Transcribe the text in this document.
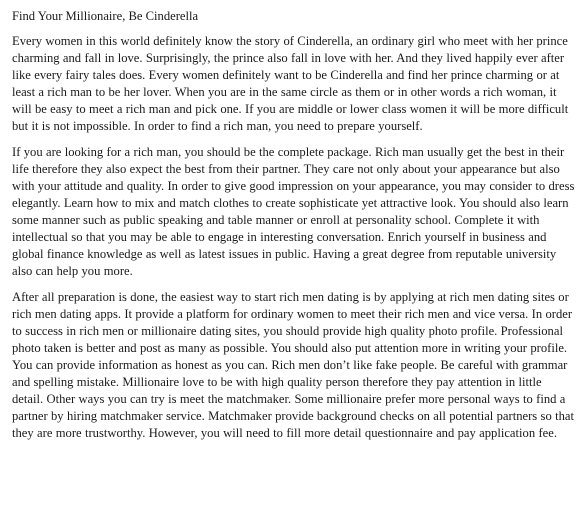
Find Your Millionaire, Be Cinderella

Every women in this world definitely know the story of Cinderella, an ordinary girl who meet with her prince charming and fall in love. Surprisingly, the prince also fall in love with her. And they lived happily ever after like every fairy tales does. Every women definitely want to be Cinderella and find her prince charming or at least a rich man to be her lover. When you are in the same circle as them or in other words a rich woman, it will be easy to meet a rich man and pick one. If you are middle or lower class women it will be more difficult but it is not impossible. In order to find a rich man, you need to prepare yourself.

If you are looking for a rich man, you should be the complete package. Rich man usually get the best in their life therefore they also expect the best from their partner. They care not only about your appearance but also with your attitude and quality. In order to give good impression on your appearance, you may consider to dress elegantly. Learn how to mix and match clothes to create sophisticate yet attractive look. You should also learn some manner such as public speaking and table manner or enroll at personality school. Complete it with intellectual so that you may be able to engage in interesting conversation. Enrich yourself in business and global finance knowledge as well as latest issues in public. Having a great degree from reputable university also can help you more.

After all preparation is done, the easiest way to start rich men dating is by applying at rich men dating sites or rich men dating apps. It provide a platform for ordinary women to meet their rich men and vice versa. In order to success in rich men or millionaire dating sites, you should provide high quality photo profile. Professional photo taken is better and post as many as possible. You should also put attention more in writing your profile. You can provide information as honest as you can. Rich men don’t like fake people. Be careful with grammar and spelling mistake. Millionaire love to be with high quality person therefore they pay attention in little detail. Other ways you can try is meet the matchmaker. Some millionaire prefer more personal ways to find a partner by hiring matchmaker service. Matchmaker provide background checks on all potential partners so that they are more trustworthy. However, you will need to fill more detail questionnaire and pay application fee.
